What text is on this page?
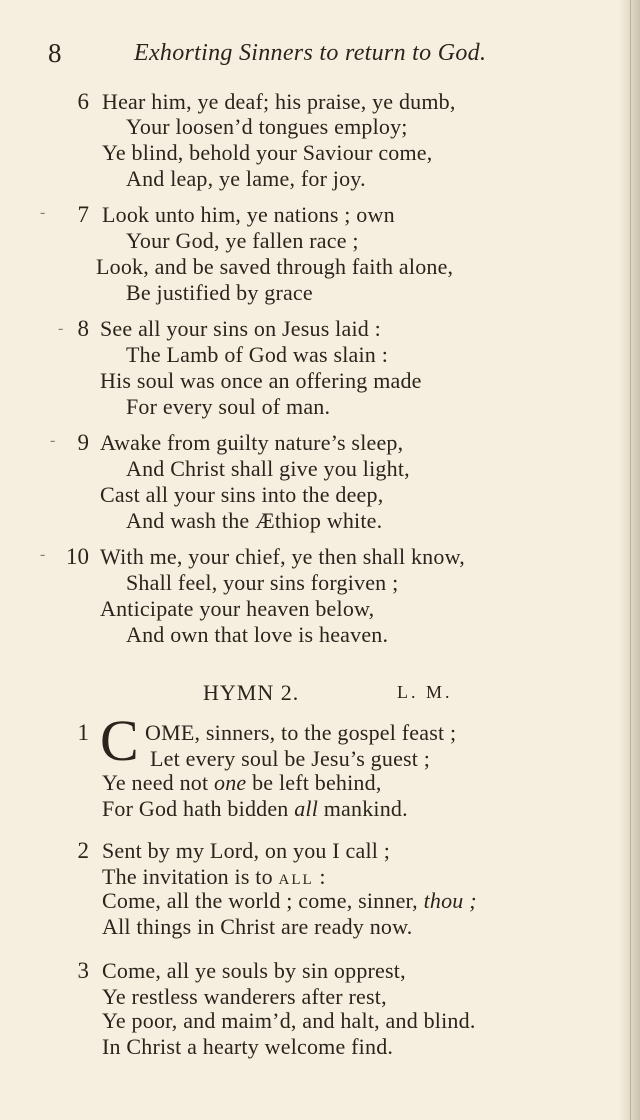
8	Exhorting Sinners to return to God.
6 Hear him, ye deaf; his praise, ye dumb,
Your loosen’d tongues employ;
Ye blind, behold your Saviour come,
And leap, ye lame, for joy.
-	7 Look unto him, ye nations ; own
Your God, ye fallen race ;
Look, and be saved through faith alone,
Be justified by grace
- 8 See all your sins on Jesus laid :
The Lamb of God was slain :
His soul was once an offering made
For every soul of man.
- 9 Awake from guilty nature’s sleep,
And Christ shall give you light,
Cast all your sins into the deep,
And wash the Æthiop white.
- 10 With me, your chief, ye then shall know,
Shall feel, your sins forgiven ;
Anticipate your heaven below,
And own that love is heaven.
HYMN 2.	L. M.
1 C OME, sinners, to the gospel feast ;
Let every soul be Jesu’s guest ;
Ye need not one be left behind,
For God hath bidden all mankind.
2 Sent by my Lord, on you I call ;
The invitation is to all :
Come, all the world ; come, sinner, thou ;
All things in Christ are ready now.
3 Come, all ye souls by sin opprest,
Ye restless wanderers after rest,
Ye poor, and maim’d, and halt, and blind.
In Christ a hearty welcome find.
